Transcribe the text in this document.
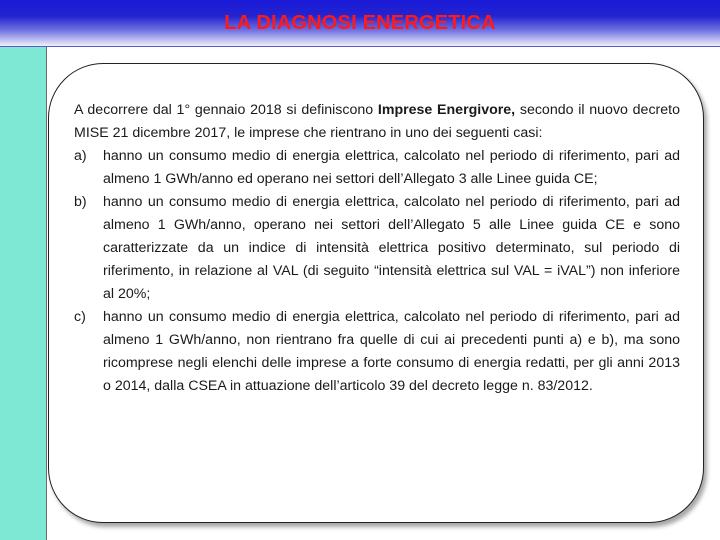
LA DIAGNOSI ENERGETICA

A decorrere dal 1° gennaio 2018 si definiscono Imprese Energivore, secondo il nuovo decreto MISE 21 dicembre 2017, le imprese che rientrano in uno dei seguenti casi:

a) hanno un consumo medio di energia elettrica, calcolato nel periodo di riferimento, pari ad almeno 1 GWh/anno ed operano nei settori dell’Allegato 3 alle Linee guida CE;

b) hanno un consumo medio di energia elettrica, calcolato nel periodo di riferimento, pari ad almeno 1 GWh/anno, operano nei settori dell’Allegato 5 alle Linee guida CE e sono caratterizzate da un indice di intensità elettrica positivo determinato, sul periodo di riferimento, in relazione al VAL (di seguito “intensità elettrica sul VAL = iVAL”) non inferiore al 20%;

c) hanno un consumo medio di energia elettrica, calcolato nel periodo di riferimento, pari ad almeno 1 GWh/anno, non rientrano fra quelle di cui ai precedenti punti a) e b), ma sono ricomprese negli elenchi delle imprese a forte consumo di energia redatti, per gli anni 2013 o 2014, dalla CSEA in attuazione dell’articolo 39 del decreto legge n. 83/2012.
